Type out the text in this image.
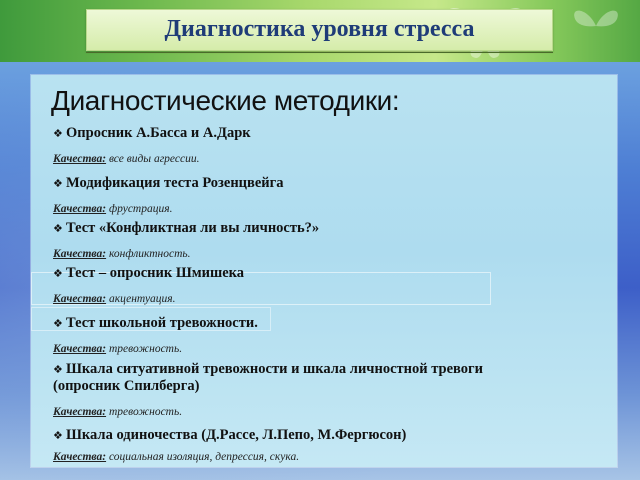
Диагностика уровня стресса
Диагностические методики:
❖ Опросник А.Басса и А.Дарк
Качества: все виды агрессии.
❖ Модификация теста Розенцвейга
Качества: фрустрация.
❖ Тест «Конфликтная ли вы личность?»
Качества: конфликтность.
❖ Тест – опросник Шмишека
Качества: акцентуация.
❖ Тест школьной тревожности.
Качества: тревожность.
❖ Шкала ситуативной тревожности и шкала личностной тревоги
(опросник Спилберга)
Качества: тревожность.
❖ Шкала одиночества (Д.Рассе, Л.Пепо, М.Фергюсон)
Качества: социальная изоляция, депрессия, скука.
